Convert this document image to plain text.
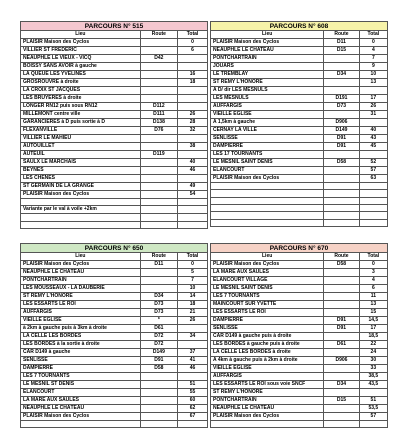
PARCOURS N° 515		
Lieu	Route	Total
PLAISIR Maison des Cyclos		0
VILLIER ST FREDERIC		6
NEAUPHLE LE VIEUX - VICQ	D42	
BOISSY SANS AVOIR à gauche		
LA QUEUE LES YVELINES		16
GROSROUVRE à droite		18
LA CROIX ST JACQUES		
LES BRUYERES à droite		
LONGER RN12 puis sous RN12	D112	
MILLEMONT centre ville	D111	26
GARANCIERES à D puis sortie à D	D138	28
FLEXANVILLE	D76	32
VILLIER LE MAHIEU		
AUTOUILLET		38
AUTEUIL	D119	
SAULX LE MARCHAIS		40
BEYNES		46
LES CHENES		
ST GERMAIN DE LA GRANGE		49
PLAISIR Maison des Cyclos		54

Variante par le val à voile +2km		

PARCOURS N° 608		
Lieu	Route	Total
PLAISIR Maison des Cyclos	D11	0
NEAUPHLE LE CHATEAU	D15	4
PONTCHARTRAIN		7
JOUARS		9
LE TREMBLAY	D34	10
ST REMY L'HONORE		13
A D/ dir LES MESNULS		
LES MESNULS	D191	17
AUFFARGIS	D73	26
VIEILLE EGLISE		31
A 1,5km à gauche	D906	
CERNAY LA VILLE	D149	40
SENLISSE	D91	43
DAMPIERRE	D91	45
LES 17 TOURNANTS		
LE MESNIL SAINT DENIS	D58	52
ELANCOURT		57
PLAISIR Maison des Cyclos		63

PARCOURS N° 650		
Lieu	Route	Total
PLAISIR Maison des Cyclos	D11	0
NEAUPHLE LE CHÂTEAU		5
PONTCHARTRAIN		7
LES MOUSSEAUX - LA DAUBERIE		10
ST REMY L'HONORE	D34	14
LES ESSARTS LE ROI	D73	18
AUFFARGIS	D73	21
VIEILLE EGLISE	*	26
à 2km à gauche puis à 3km à droite	D61	
LA CELLE LES BORDES	D72	34
LES BORDES à la sortie à droite	D72	
CAR D149 à gauche	D149	37
SENLISSE	D91	41
DAMPIERRE	D58	46
LES 7 TOURNANTS		
LE MESNIL ST DENIS		51
ELANCOURT		55
LA MARE AUX SAULES		60
NEAUPHLE LE CHÂTEAU		62
PLAISIR Maison des Cyclos		67

PARCOURS N° 670		
Lieu	Route	Total
PLAISIR Maison des Cyclos	D58	0
LA MARE AUX SAULES		3
ELANCOURT VILLAGE		4
LE MESNIL SAINT DENIS		6
LES 7 TOURNANTS		11
MAINCOURT SUR YVETTE		13
LES ESSARTS LE ROI		15
DAMPIERRE	D91	14,5
SENLISSE	D91	17
CAR D149 à gauche puis à droite		18,5
LES BORDES à gauche puis à droite	D61	22
LA CELLE LES BORDES à droite		24
A 4km à gauche puis à 2km à droite	D906	30
VIEILLE EGLISE		33
AUFFARGIS		38,5
LES ESSARTS LE ROI sous voie SNCF	D34	43,5
ST REMY L'HONORE		
PONTCHARTRAIN	D15	51
NEAUPHLE LE CHÂTEAU		53,5
PLAISIR Maison des Cyclos		57
